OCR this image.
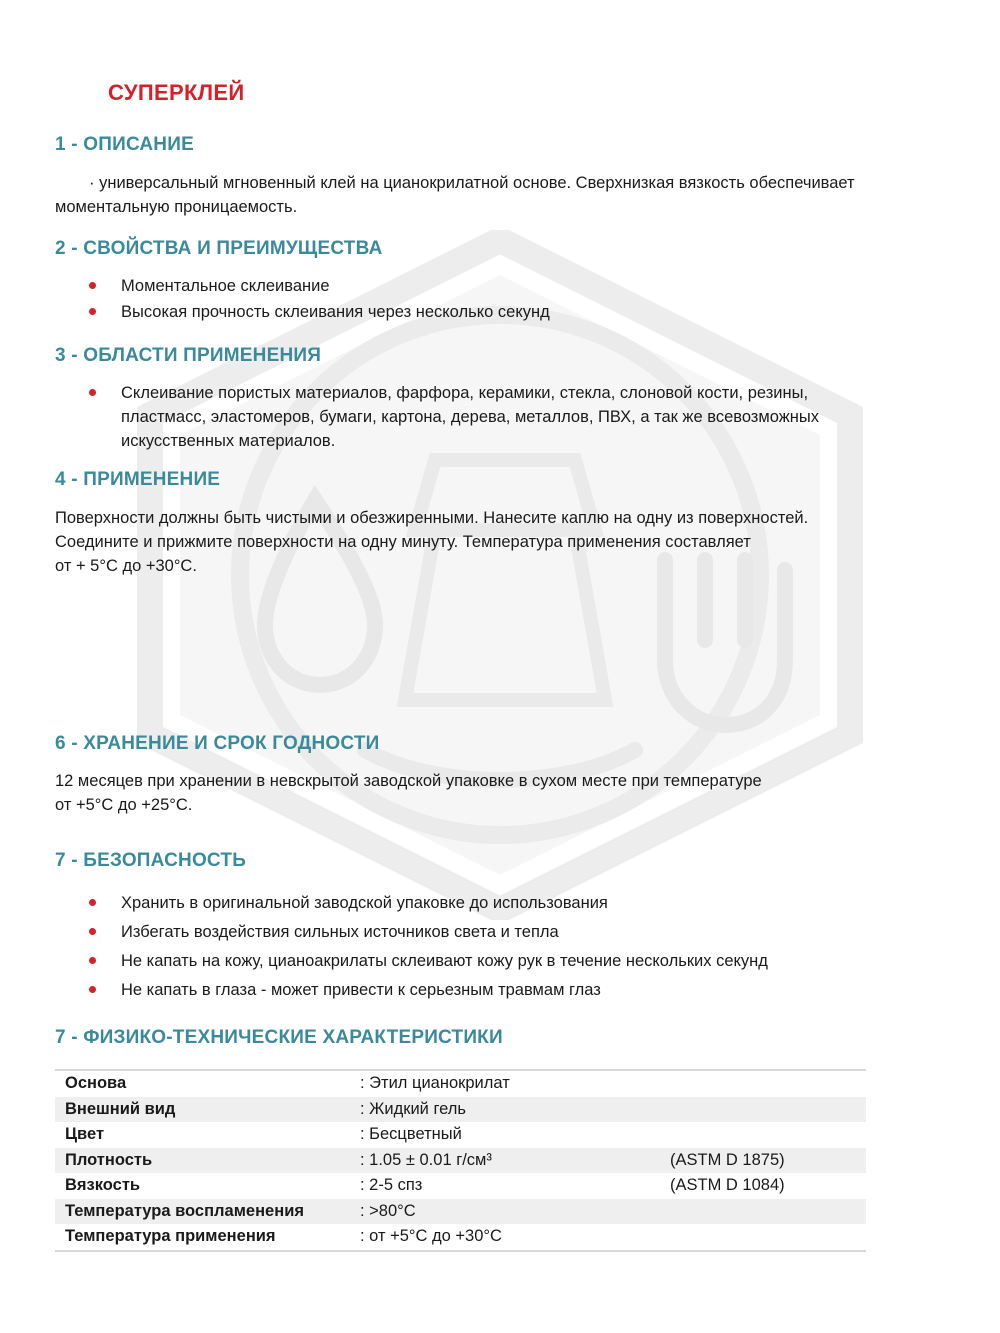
СУПЕРКЛЕЙ
1 - ОПИСАНИЕ
· универсальный мгновенный клей на цианокрилатной основе. Сверхнизкая вязкость обеспечивает
моментальную проницаемость.
2 - СВОЙСТВА И ПРЕИМУЩЕСТВА
Моментальное склеивание
Высокая прочность склеивания через несколько секунд
3 - ОБЛАСТИ ПРИМЕНЕНИЯ
Склеивание пористых материалов, фарфора, керамики, стекла, слоновой кости, резины,
пластмасс, эластомеров, бумаги, картона, дерева, металлов, ПВХ, а так же всевозможных
искусственных материалов.
4 - ПРИМЕНЕНИЕ
Поверхности должны быть чистыми и обезжиренными. Нанесите каплю на одну из поверхностей.
Соедините и прижмите поверхности на одну минуту. Температура применения составляет
от + 5°С до +30°С.
6 - ХРАНЕНИЕ И СРОК ГОДНОСТИ
12 месяцев при хранении в невскрытой заводской упаковке в сухом месте при температуре
от +5°С до +25°С.
7 - БЕЗОПАСНОСТЬ
Хранить в оригинальной заводской упаковке до использования
Избегать воздействия сильных источников света и тепла
Не капать на кожу, цианоакрилаты склеивают кожу рук в течение нескольких секунд
Не капать в глаза - может привести к серьезным травмам глаз
7 - ФИЗИКО-ТЕХНИЧЕСКИЕ ХАРАКТЕРИСТИКИ
Основа	: Этил цианокрилат	
Внешний вид	: Жидкий гель	
Цвет	: Бесцветный	
Плотность	: 1.05 ± 0.01 г/см³	(ASTM D 1875)
Вязкость	: 2-5 спз	(ASTM D 1084)
Температура воспламенения	: >80°С	
Температура применения	: от +5°С до +30°С	
